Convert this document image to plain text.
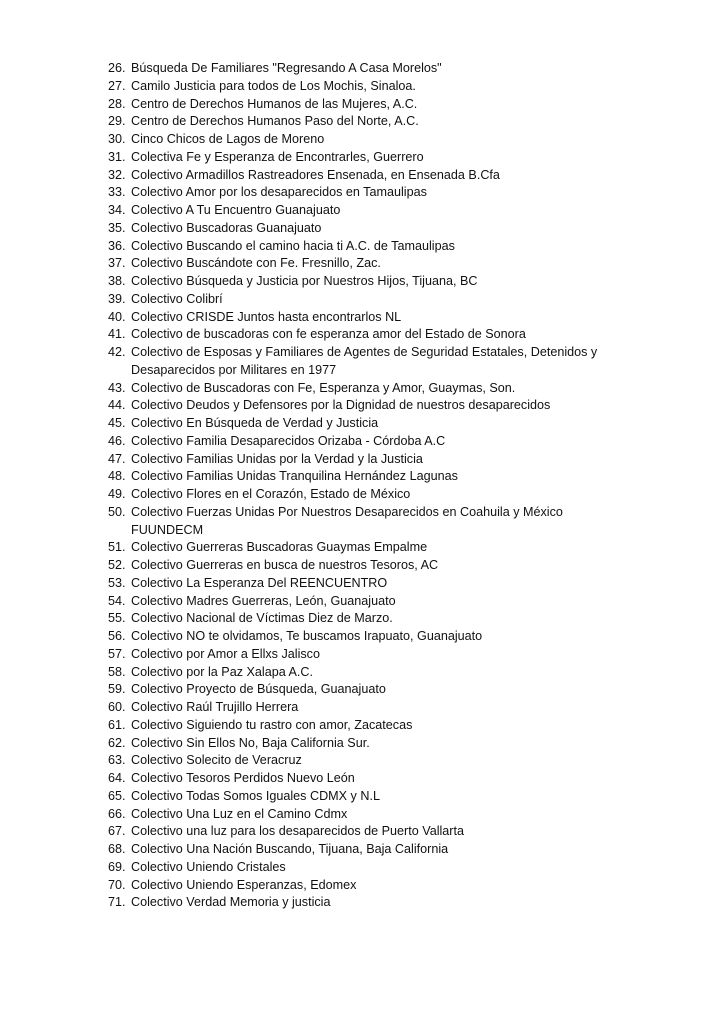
26. Búsqueda De Familiares "Regresando A Casa Morelos"
27. Camilo Justicia para todos de Los Mochis, Sinaloa.
28. Centro de Derechos Humanos de las Mujeres, A.C.
29. Centro de Derechos Humanos Paso del Norte, A.C.
30. Cinco Chicos de Lagos de Moreno
31. Colectiva Fe y Esperanza de Encontrarles, Guerrero
32. Colectivo Armadillos Rastreadores Ensenada, en Ensenada B.Cfa
33. Colectivo Amor por los desaparecidos en Tamaulipas
34. Colectivo A Tu Encuentro Guanajuato
35. Colectivo Buscadoras Guanajuato
36. Colectivo Buscando el camino hacia ti A.C. de Tamaulipas
37. Colectivo Buscándote con Fe. Fresnillo, Zac.
38. Colectivo Búsqueda y Justicia por Nuestros Hijos, Tijuana, BC
39. Colectivo Colibrí
40. Colectivo CRISDE Juntos hasta encontrarlos NL
41. Colectivo de buscadoras con fe esperanza amor del Estado de Sonora
42. Colectivo de Esposas y Familiares de Agentes de Seguridad Estatales, Detenidos y Desaparecidos por Militares en 1977
43. Colectivo de Buscadoras con Fe, Esperanza y Amor, Guaymas, Son.
44. Colectivo Deudos y Defensores por la Dignidad de nuestros desaparecidos
45. Colectivo En Búsqueda de Verdad y Justicia
46. Colectivo Familia Desaparecidos Orizaba - Córdoba A.C
47. Colectivo Familias Unidas por la Verdad y la Justicia
48. Colectivo Familias Unidas Tranquilina Hernández Lagunas
49. Colectivo Flores en el Corazón, Estado de México
50. Colectivo Fuerzas Unidas Por Nuestros Desaparecidos en Coahuila y México FUUNDECM
51. Colectivo Guerreras Buscadoras Guaymas Empalme
52. Colectivo Guerreras en busca de nuestros Tesoros, AC
53. Colectivo La Esperanza Del REENCUENTRO
54. Colectivo Madres Guerreras, León, Guanajuato
55. Colectivo Nacional de Víctimas Diez de Marzo.
56. Colectivo NO te olvidamos, Te buscamos Irapuato, Guanajuato
57. Colectivo por Amor a Ellxs Jalisco
58. Colectivo por la Paz Xalapa A.C.
59. Colectivo Proyecto de Búsqueda, Guanajuato
60. Colectivo Raúl Trujillo Herrera
61. Colectivo Siguiendo tu rastro con amor, Zacatecas
62. Colectivo Sin Ellos No, Baja California Sur.
63. Colectivo Solecito de Veracruz
64. Colectivo Tesoros Perdidos Nuevo León
65. Colectivo Todas Somos Iguales CDMX y N.L
66. Colectivo Una Luz en el Camino Cdmx
67. Colectivo una luz para los desaparecidos de Puerto Vallarta
68. Colectivo Una Nación Buscando, Tijuana, Baja California
69. Colectivo Uniendo Cristales
70. Colectivo Uniendo Esperanzas, Edomex
71. Colectivo Verdad Memoria y justicia
